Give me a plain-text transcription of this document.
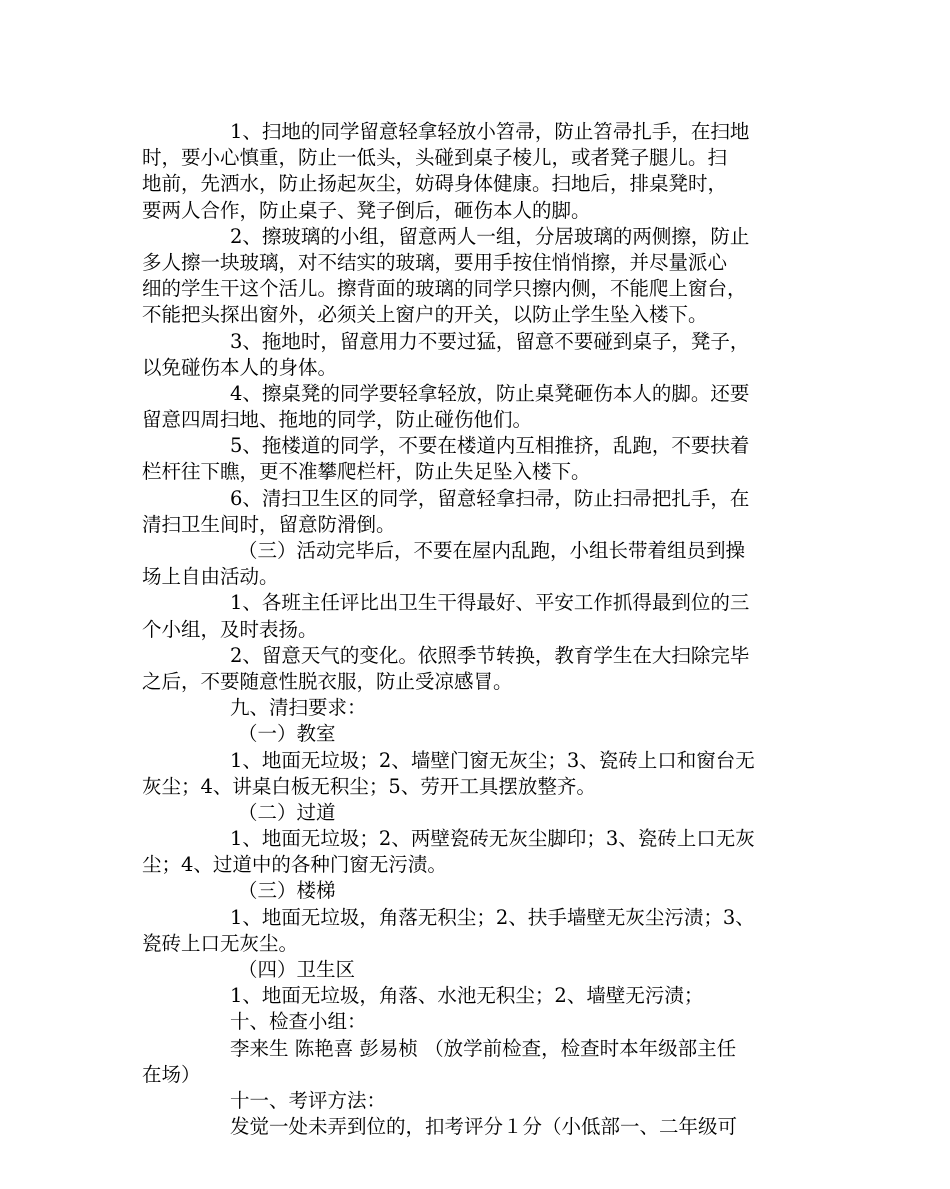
1、扫地的同学留意轻拿轻放小笤帚，防止笤帚扎手，在扫地
时，要小心慎重，防止一低头，头碰到桌子棱儿，或者凳子腿儿。扫
地前，先洒水，防止扬起灰尘，妨碍身体健康。扫地后，排桌凳时，
要两人合作，防止桌子、凳子倒后，砸伤本人的脚。
2、擦玻璃的小组，留意两人一组，分居玻璃的两侧擦，防止
多人擦一块玻璃，对不结实的玻璃，要用手按住悄悄擦，并尽量派心
细的学生干这个活儿。擦背面的玻璃的同学只擦内侧，不能爬上窗台，
不能把头探出窗外，必须关上窗户的开关，以防止学生坠入楼下。
3、拖地时，留意用力不要过猛，留意不要碰到桌子，凳子，
以免碰伤本人的身体。
4、擦桌凳的同学要轻拿轻放，防止桌凳砸伤本人的脚。还要
留意四周扫地、拖地的同学，防止碰伤他们。
5、拖楼道的同学，不要在楼道内互相推挤，乱跑，不要扶着
栏杆往下瞧，更不准攀爬栏杆，防止失足坠入楼下。
6、清扫卫生区的同学，留意轻拿扫帚，防止扫帚把扎手，在
清扫卫生间时，留意防滑倒。
（三）活动完毕后，不要在屋内乱跑，小组长带着组员到操
场上自由活动。
1、各班主任评比出卫生干得最好、平安工作抓得最到位的三
个小组，及时表扬。
2、留意天气的变化。依照季节转换，教育学生在大扫除完毕
之后，不要随意性脱衣服，防止受凉感冒。
九、清扫要求：
（一）教室
1、地面无垃圾；2、墙壁门窗无灰尘；3、瓷砖上口和窗台无
灰尘；4、讲桌白板无积尘；5、劳开工具摆放整齐。
（二）过道
1、地面无垃圾；2、两壁瓷砖无灰尘脚印；3、瓷砖上口无灰
尘；4、过道中的各种门窗无污渍。
（三）楼梯
1、地面无垃圾，角落无积尘；2、扶手墙壁无灰尘污渍；3、
瓷砖上口无灰尘。
（四）卫生区
1、地面无垃圾，角落、水池无积尘；2、墙壁无污渍；
十、检查小组：
李来生 陈艳喜 彭易桢 （放学前检查，检查时本年级部主任
在场）
十一、考评方法：
发觉一处未弄到位的，扣考评分１分（小低部一、二年级可
